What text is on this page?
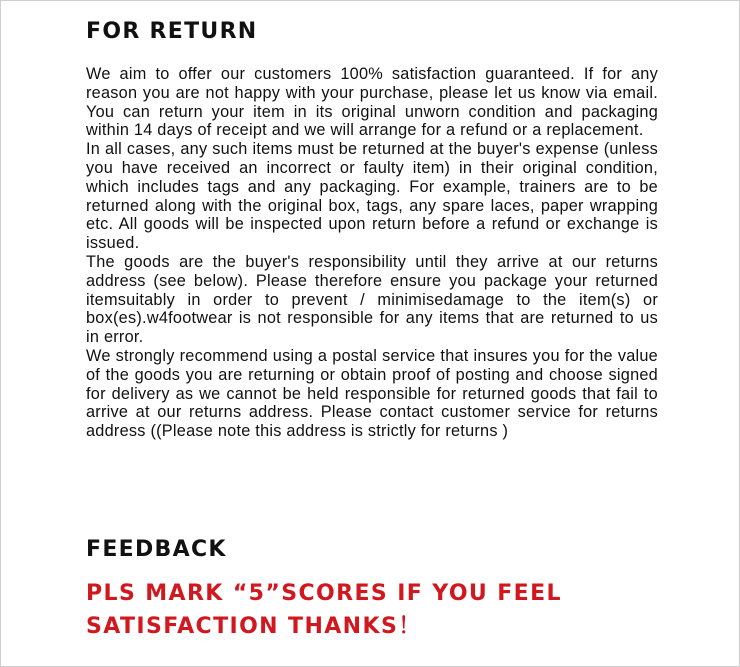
FOR RETURN

We aim to offer our customers 100% satisfaction guaranteed. If for any reason you are not happy with your purchase, please let us know via email. You can return your item in its original unworn condition and packaging within 14 days of receipt and we will arrange for a refund or a replacement.

In all cases, any such items must be returned at the buyer's expense (unless you have received an incorrect or faulty item) in their original condition, which includes tags and any packaging. For example, trainers are to be returned along with the original box, tags, any spare laces, paper wrapping etc. All goods will be inspected upon return before a refund or exchange is issued.

The goods are the buyer's responsibility until they arrive at our returns address (see below). Please therefore ensure you package your returned itemsuitably in order to prevent / minimisedamage to the item(s) or box(es).w4footwear is not responsible for any items that are returned to us in error.

We strongly recommend using a postal service that insures you for the value of the goods you are returning or obtain proof of posting and choose signed for delivery as we cannot be held responsible for returned goods that fail to arrive at our returns address. Please contact customer service for returns address ((Please note this address is strictly for returns )

FEEDBACK
PLS MARK “5”SCORES IF YOU FEEL
SATISFACTION THANKS！
